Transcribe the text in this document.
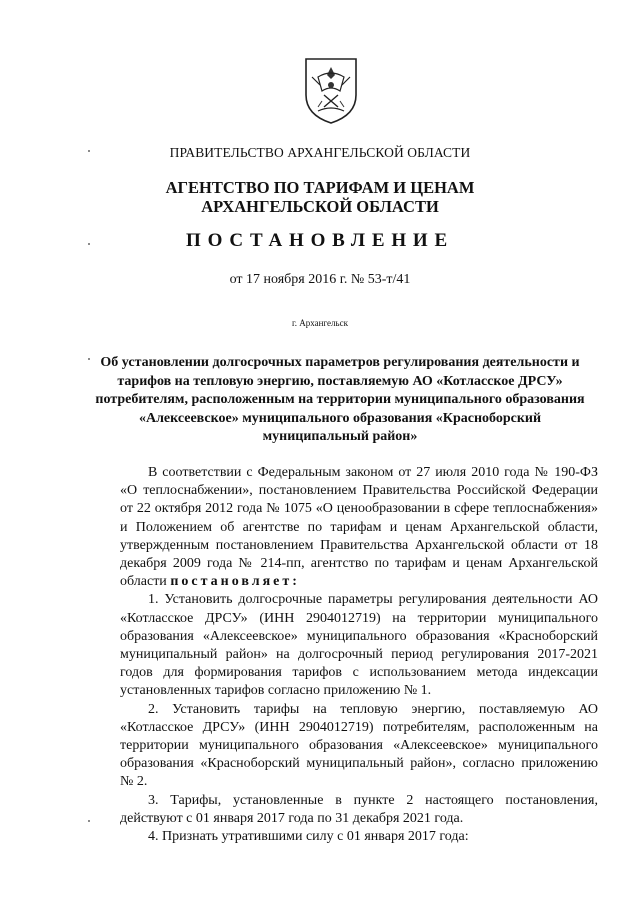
ПРАВИТЕЛЬСТВО АРХАНГЕЛЬСКОЙ ОБЛАСТИ
АГЕНТСТВО ПО ТАРИФАМ И ЦЕНАМ
АРХАНГЕЛЬСКОЙ ОБЛАСТИ
ПОСТАНОВЛЕНИЕ
от 17 ноября 2016 г. № 53-т/41
г. Архангельск
Об установлении долгосрочных параметров регулирования деятельности и тарифов на тепловую энергию, поставляемую АО «Котласское ДРСУ» потребителям, расположенным на территории муниципального образования «Алексеевское» муниципального образования «Красноборский муниципальный район»

В соответствии с Федеральным законом от 27 июля 2010 года № 190-ФЗ «О теплоснабжении», постановлением Правительства Российской Федерации от 22 октября 2012 года № 1075 «О ценообразовании в сфере теплоснабжения» и Положением об агентстве по тарифам и ценам Архангельской области, утвержденным постановлением Правительства Архангельской области от 18 декабря 2009 года № 214-пп, агентство по тарифам и ценам Архангельской области постановляет:

1. Установить долгосрочные параметры регулирования деятельности АО «Котласское ДРСУ» (ИНН 2904012719) на территории муниципального образования «Алексеевское» муниципального образования «Красноборский муниципальный район» на долгосрочный период регулирования 2017-2021 годов для формирования тарифов с использованием метода индексации установленных тарифов согласно приложению № 1.

2. Установить тарифы на тепловую энергию, поставляемую АО «Котласское ДРСУ» (ИНН 2904012719) потребителям, расположенным на территории муниципального образования «Алексеевское» муниципального образования «Красноборский муниципальный район», согласно приложению № 2.

3. Тарифы, установленные в пункте 2 настоящего постановления, действуют с 01 января 2017 года по 31 декабря 2021 года.

4. Признать утратившими силу с 01 января 2017 года:
